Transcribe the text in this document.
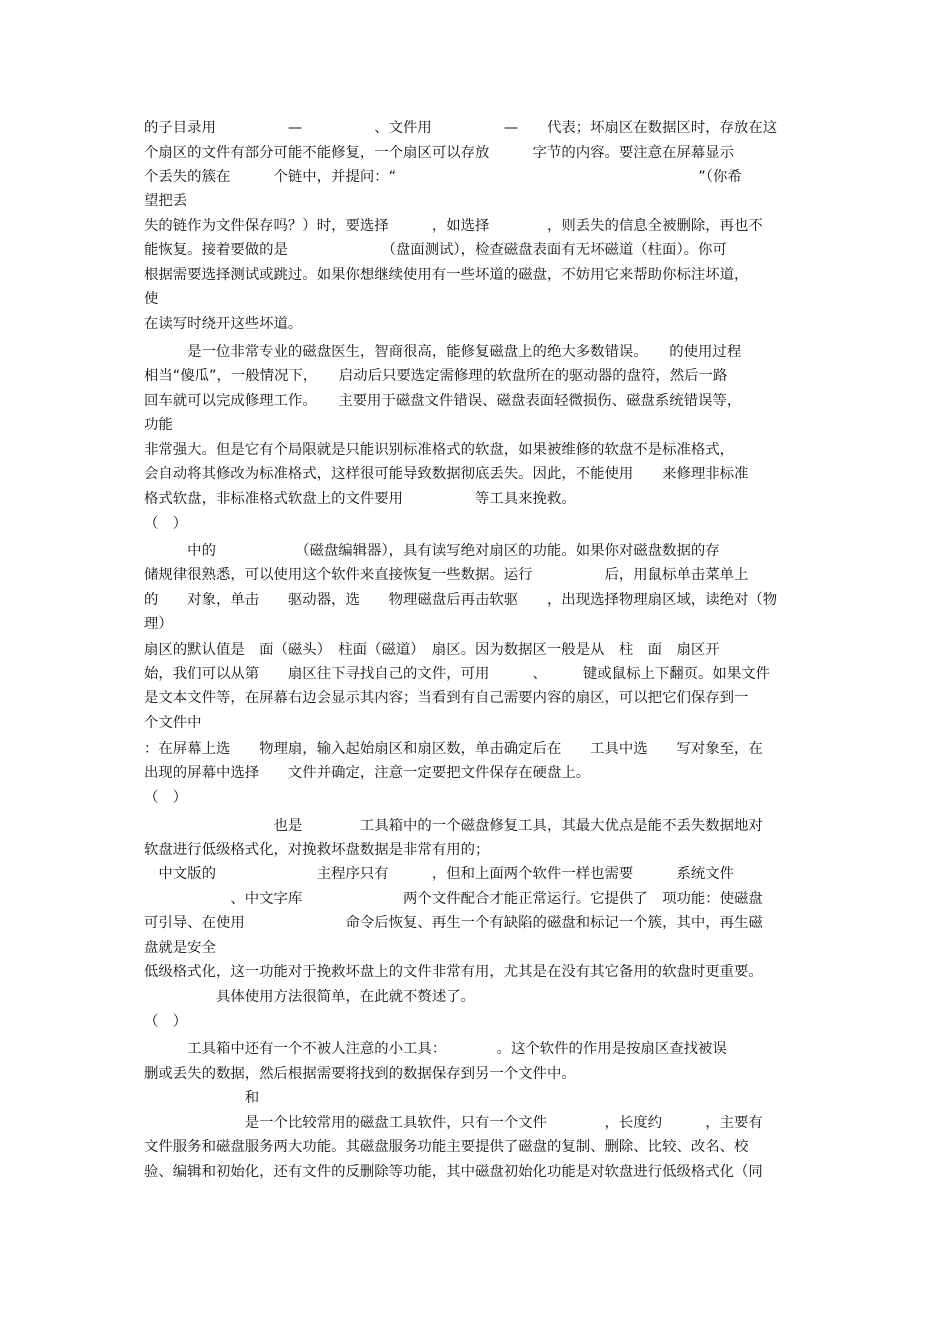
的子目录用　　　　　—　　　　　、文件用　　　　　—　　代表；坏扇区在数据区时，存放在这
个扇区的文件有部分可能不能修复，一个扇区可以存放　　　字节的内容。要注意在屏幕显示
个丢失的簇在　　　个链中，并提问：“　　　　　　　　　　　　　　　　　　　　　”（你希
望把丢
失的链作为文件保存吗？）时，要选择　　　，如选择　　　　，则丢失的信息全被删除，再也不
能恢复。接着要做的是　　　　　　　（盘面测试），检查磁盘表面有无坏磁道（柱面）。你可
根据需要选择测试或跳过。如果你想继续使用有一些坏道的磁盘，不妨用它来帮助你标注坏道，
使
在读写时绕开这些坏道。
　　　是一位非常专业的磁盘医生，智商很高，能修复磁盘上的绝大多数错误。　　的使用过程
相当“傻瓜”，一般情况下，　　启动后只要选定需修理的软盘所在的驱动器的盘符，然后一路
回车就可以完成修理工作。　　主要用于磁盘文件错误、磁盘表面轻微损伤、磁盘系统错误等，
功能
非常强大。但是它有个局限就是只能识别标准格式的软盘，如果被维修的软盘不是标准格式，
会自动将其修改为标准格式，这样很可能导致数据彻底丢失。因此，不能使用　　来修理非标准
格式软盘，非标准格式软盘上的文件要用　　　　　等工具来挽救。
（　）
　　　中的　　　　　　（磁盘编辑器），具有读写绝对扇区的功能。如果你对磁盘数据的存
储规律很熟悉，可以使用这个软件来直接恢复一些数据。运行　　　　　后，用鼠标单击菜单上
的　　对象，单击　　驱动器，选　　物理磁盘后再击软驱　　，出现选择物理扇区域，读绝对（物
理）
扇区的默认值是　面（磁头）　柱面（磁道）　扇区。因为数据区一般是从　柱　面　扇区开
始，我们可以从第　　扇区往下寻找自己的文件，可用　　　、　　　键或鼠标上下翻页。如果文件
是文本文件等，在屏幕右边会显示其内容；当看到有自己需要内容的扇区，可以把它们保存到一
个文件中
：在屏幕上选　　物理扇，输入起始扇区和扇区数，单击确定后在　　工具中选　　写对象至，在
出现的屏幕中选择　　文件并确定，注意一定要把文件保存在硬盘上。
（　）
　　　　　　　　　也是　　　　工具箱中的一个磁盘修复工具，其最大优点是能不丢失数据地对
软盘进行低级格式化，对挽救坏盘数据是非常有用的；
　中文版的　　　　　　　主程序只有　　　，但和上面两个软件一样也需要　　　系统文件
　　　　　　、中文字库　　　　　　　两个文件配合才能正常运行。它提供了　项功能：使磁盘
可引导、在使用　　　　　　　命令后恢复、再生一个有缺陷的磁盘和标记一个簇，其中，再生磁
盘就是安全
低级格式化，这一功能对于挽救坏盘上的文件非常有用，尤其是在没有其它备用的软盘时更重要。
　　　　　具体使用方法很简单，在此就不赘述了。
（　）
　　　工具箱中还有一个不被人注意的小工具：　　　　。这个软件的作用是按扇区查找被误
删或丢失的数据，然后根据需要将找到的数据保存到另一个文件中。
　　　　　　　和
　　　　　　　是一个比较常用的磁盘工具软件，只有一个文件　　　　，长度约　　　，主要有
文件服务和磁盘服务两大功能。其磁盘服务功能主要提供了磁盘的复制、删除、比较、改名、校
验、编辑和初始化，还有文件的反删除等功能，其中磁盘初始化功能是对软盘进行低级格式化（同
